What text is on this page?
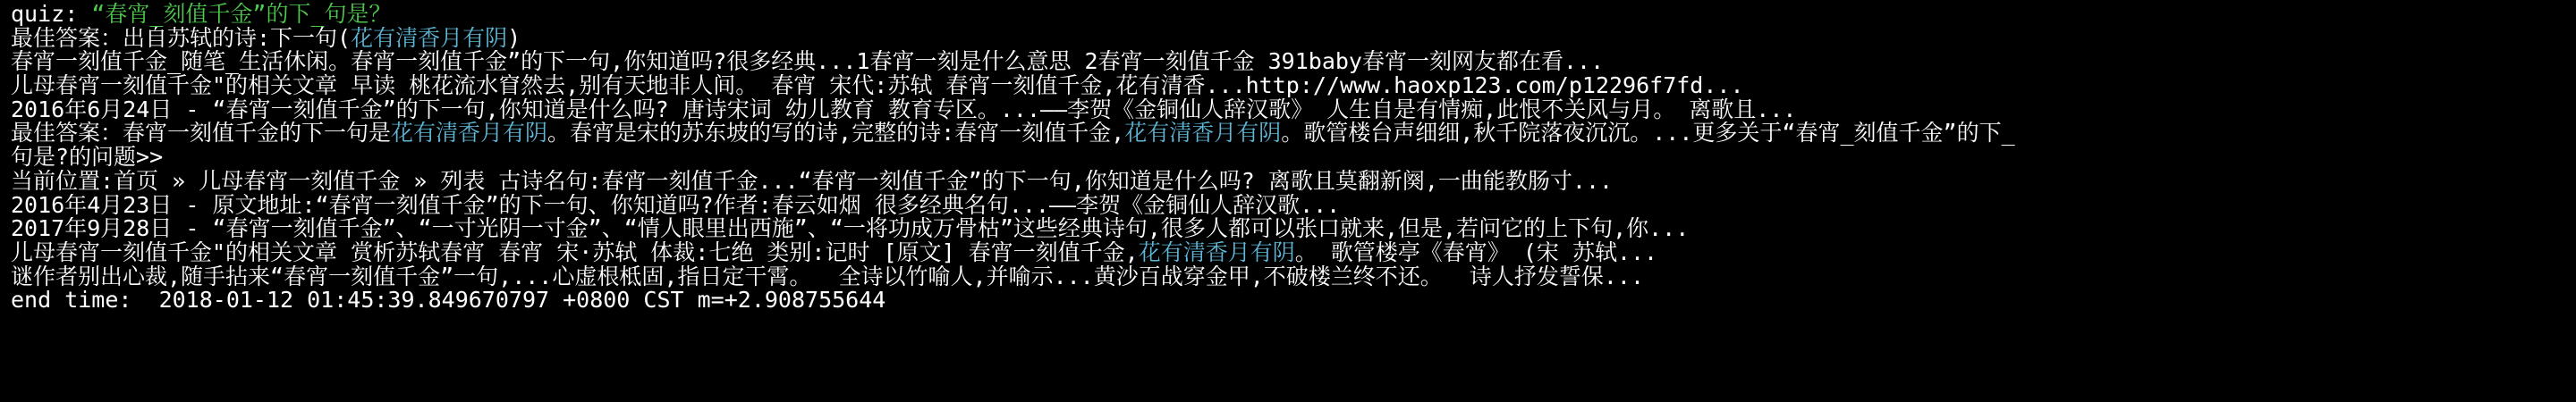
quiz: “春宵_刻值千金”的下_句是？
最佳答案：出自苏轼的诗:下一句(花有清香月有阴)
春宵一刻值千金_随笔_生活休闲。春宵一刻值千金”的下一句,你知道吗?很多经典...1春宵一刻是什么意思 2春宵一刻值千金 391baby春宵一刻网友都在看...
儿母春宵一刻值千金"的相关文章 早读 桃花流水窅然去,别有天地非人间。 春宵 宋代:苏轼 春宵一刻值千金,花有清香...http://www.haoxp123.com/p12296f7fd...
2016年6月24日 - “春宵一刻值千金”的下一句,你知道是什么吗?_唐诗宋词_幼儿教育_教育专区。...——李贺《金铜仙人辞汉歌》 人生自是有情痴,此恨不关风与月。 离歌且...
最佳答案：春宵一刻值千金的下一句是花有清香月有阴。春宵是宋的苏东坡的写的诗,完整的诗:春宵一刻值千金,花有清香月有阴。歌管楼台声细细,秋千院落夜沉沉。...更多关于“春宵_刻值千金”的下_
句是?的问题>>
当前位置:首页 » 儿母春宵一刻值千金 » 列表 古诗名句:春宵一刻值千金...“春宵一刻值千金”的下一句,你知道是什么吗? 离歌且莫翻新阕,一曲能教肠寸...
2016年4月23日 - 原文地址:“春宵一刻值千金”的下一句、你知道吗?作者:春云如烟 很多经典名句...——李贺《金铜仙人辞汉歌...
2017年9月28日 - “春宵一刻值千金”、“一寸光阴一寸金”、“情人眼里出西施”、“一将功成万骨枯”这些经典诗句,很多人都可以张口就来,但是,若问它的上下句,你...
儿母春宵一刻值千金"的相关文章 赏析苏轼春宵 春宵 宋·苏轼 体裁:七绝 类别:记时 [原文] 春宵一刻值千金,花有清香月有阴。 歌管楼亭《春宵》 (宋 苏轼...
谜作者别出心裁,随手拈来“春宵一刻值千金”一句,...心虚根柢固,指日定干霄。  全诗以竹喻人,并喻示...黄沙百战穿金甲,不破楼兰终不还。  诗人抒发誓保...
end time:  2018-01-12 01:45:39.849670797 +0800 CST m=+2.908755644
